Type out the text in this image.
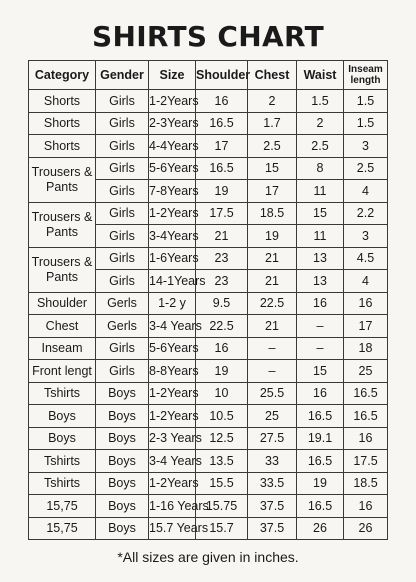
SHIRTS CHART
Category	Gender	Size	Shoulder	Chest	Waist	Inseam length
Shorts	Girls	1-2Years	16	2	1.5	1.5
Shorts	Girls	2-3Years	16.5	1.7	2	1.5
Shorts	Girls	4-4Years	17	2.5	2.5	3
Trousers & Pants	Girls	5-6Years	16.5	15	8	2.5
	Girls	7-8Years	19	17	11	4
Trousers & Pants	Girls	1-2Years	17.5	18.5	15	2.2
	Girls	3-4Years	21	19	11	3
Trousers & Pants	Girls	1-6Years	23	21	13	4.5
	Girls	14-1Years	23	21	13	4
Shoulder	Gerls	1-2 y	9.5	22.5	16	16
Chest	Gerls	3-4 Years	22.5	21	–	17
Inseam	Girls	5-6Years	16	–	–	18
Front lengt	Girls	8-8Years	19	–	15	25
Tshirts	Boys	1-2Years	10	25.5	16	16.5
Boys	Boys	1-2Years	10.5	25	16.5	16.5
Boys	Boys	2-3 Years	12.5	27.5	19.1	16
Tshirts	Boys	3-4 Years	13.5	33	16.5	17.5
Tshirts	Boys	1-2Years	15.5	33.5	19	18.5
15,75	Boys	1-16 Years	15.75	37.5	16.5	16
15,75	Boys	15.7 Years	15.7	37.5	26	26
*All sizes are given in inches.
